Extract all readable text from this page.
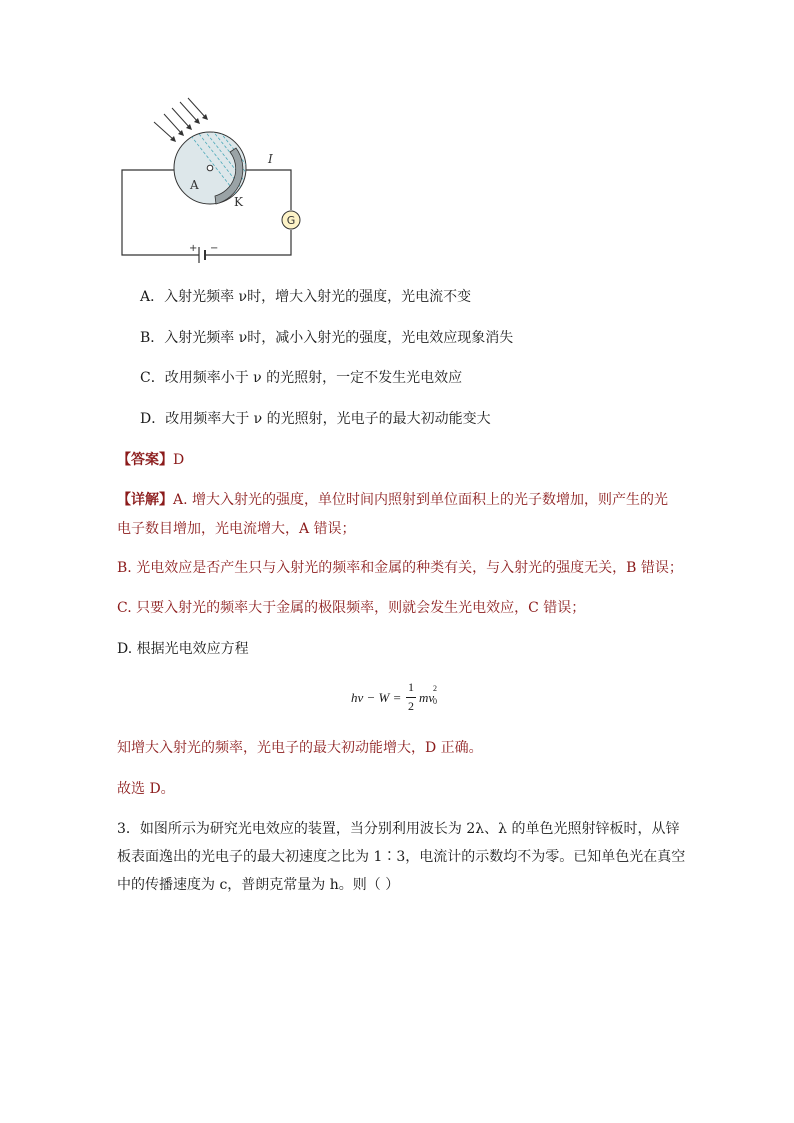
+ −
G
I
A
K
A．入射光频率 ν时，增大入射光的强度，光电流不变
B．入射光频率 ν时，减小入射光的强度，光电效应现象消失
C．改用频率小于 ν 的光照射，一定不发生光电效应
D．改用频率大于 ν 的光照射，光电子的最大初动能变大
【答案】D
【详解】A. 增大入射光的强度，单位时间内照射到单位面积上的光子数增加，则产生的光
电子数目增加，光电流增大，A 错误；
B. 光电效应是否产生只与入射光的频率和金属的种类有关，与入射光的强度无关，B 错误；
C. 只要入射光的频率大于金属的极限频率，则就会发生光电效应，C 错误；
D. 根据光电效应方程
hν − W =
1
2
mv
2
0
知增大入射光的频率，光电子的最大初动能增大，D 正确。
故选 D。
3．如图所示为研究光电效应的装置，当分别利用波长为 2λ、λ 的单色光照射锌板时，从锌
板表面逸出的光电子的最大初速度之比为 1∶3，电流计的示数均不为零。已知单色光在真空
中的传播速度为 c，普朗克常量为 h。则（ ）
